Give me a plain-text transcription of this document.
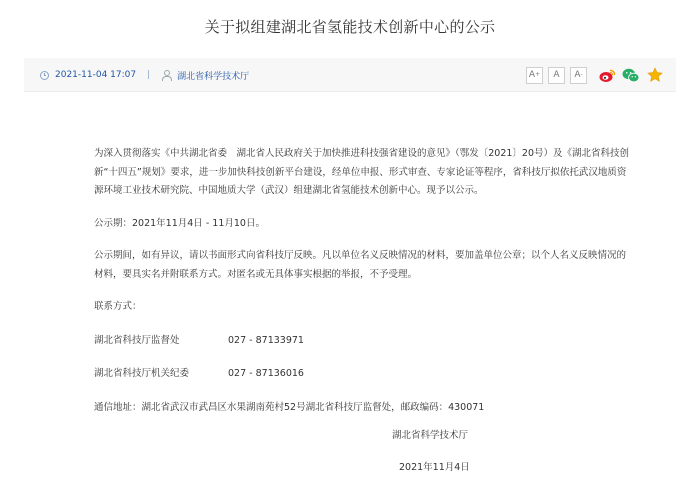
关于拟组建湖北省氢能技术创新中心的公示
2021-11-04 17:07 |	湖北省科学技术厅	A +	A	A -

为深入贯彻落实《中共湖北省委　湖北省人民政府关于加快推进科技强省建设的意见》（鄂发〔2021〕20号）及《湖北省科技创新“十四五”规划》要求，进一步加快科技创新平台建设，经单位申报、形式审查、专家论证等程序，省科技厅拟依托武汉地质资源环境工业技术研究院、中国地质大学（武汉）组建湖北省氢能技术创新中心。现予以公示。

公示期：2021年11月4日 - 11月10日。

公示期间，如有异议，请以书面形式向省科技厅反映。凡以单位名义反映情况的材料，要加盖单位公章；以个人名义反映情况的材料，要具实名并附联系方式。对匿名或无具体事实根据的举报，不予受理。

联系方式：

湖北省科技厅监督处	027 - 87133971
湖北省科技厅机关纪委	027 - 87136016

通信地址：湖北省武汉市武昌区水果湖南苑村52号湖北省科技厅监督处，邮政编码：430071

湖北省科学技术厅

2021年11月4日
